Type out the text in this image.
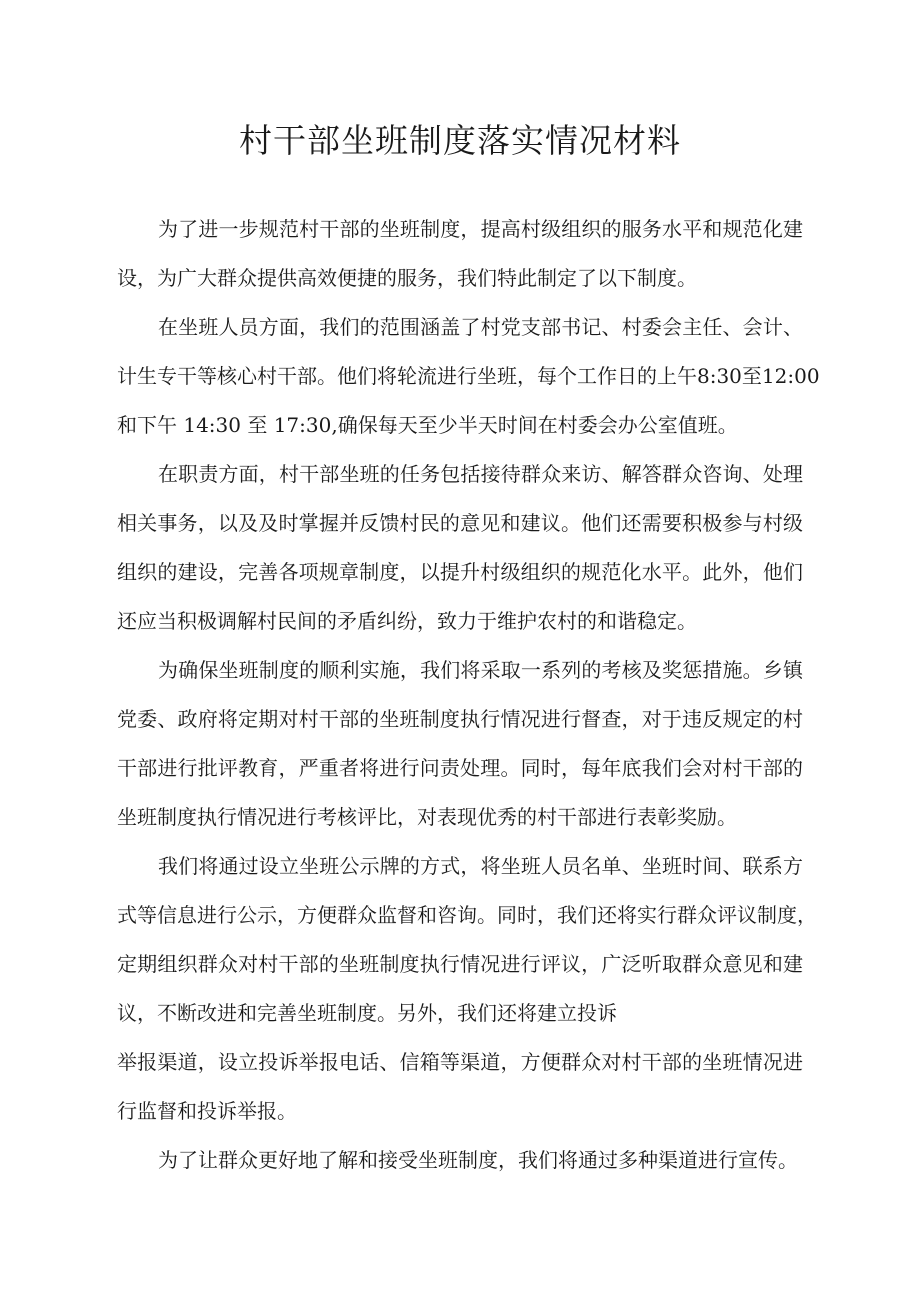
村干部坐班制度落实情况材料
为了进一步规范村干部的坐班制度，提高村级组织的服务水平和规范化建
设，为广大群众提供高效便捷的服务，我们特此制定了以下制度。
在坐班人员方面，我们的范围涵盖了村党支部书记、村委会主任、会计、
计生专干等核心村干部。他们将轮流进行坐班，每个工作日的上午8:30至12:00
和下午 14:30 至 17:30,确保每天至少半天时间在村委会办公室值班。
在职责方面，村干部坐班的任务包括接待群众来访、解答群众咨询、处理
相关事务，以及及时掌握并反馈村民的意见和建议。他们还需要积极参与村级
组织的建设，完善各项规章制度，以提升村级组织的规范化水平。此外，他们
还应当积极调解村民间的矛盾纠纷，致力于维护农村的和谐稳定。
为确保坐班制度的顺利实施，我们将采取一系列的考核及奖惩措施。乡镇
党委、政府将定期对村干部的坐班制度执行情况进行督查，对于违反规定的村
干部进行批评教育，严重者将进行问责处理。同时，每年底我们会对村干部的
坐班制度执行情况进行考核评比，对表现优秀的村干部进行表彰奖励。
我们将通过设立坐班公示牌的方式，将坐班人员名单、坐班时间、联系方
式等信息进行公示，方便群众监督和咨询。同时，我们还将实行群众评议制度，
定期组织群众对村干部的坐班制度执行情况进行评议，广泛听取群众意见和建
议，不断改进和完善坐班制度。另外，我们还将建立投诉
举报渠道，设立投诉举报电话、信箱等渠道，方便群众对村干部的坐班情况进
行监督和投诉举报。
为了让群众更好地了解和接受坐班制度，我们将通过多种渠道进行宣传。
